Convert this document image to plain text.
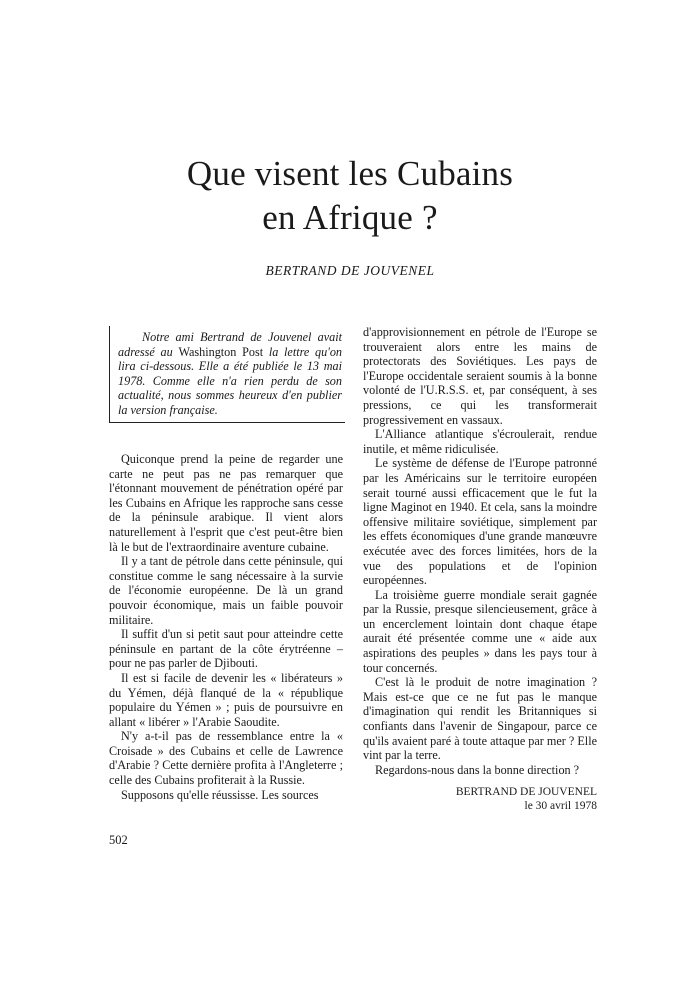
Que visent les Cubains
en Afrique ?
BERTRAND DE JOUVENEL
Notre ami Bertrand de Jouvenel avait adressé au Washington Post la lettre qu'on lira ci-dessous. Elle a été publiée le 13 mai 1978. Comme elle n'a rien perdu de son actualité, nous sommes heureux d'en publier la version française.

Quiconque prend la peine de regarder une carte ne peut pas ne pas remarquer que l'étonnant mouvement de pénétration opéré par les Cubains en Afrique les rapproche sans cesse de la péninsule arabique. Il vient alors naturellement à l'esprit que c'est peut-être bien là le but de l'extraordinaire aventure cubaine.

Il y a tant de pétrole dans cette péninsule, qui constitue comme le sang nécessaire à la survie de l'économie européenne. De là un grand pouvoir économique, mais un faible pouvoir militaire.

Il suffit d'un si petit saut pour atteindre cette péninsule en partant de la côte érytréenne – pour ne pas parler de Djibouti.

Il est si facile de devenir les « libérateurs » du Yémen, déjà flanqué de la « république populaire du Yémen » ; puis de poursuivre en allant « libérer » l'Arabie Saoudite.

N'y a-t-il pas de ressemblance entre la « Croisade » des Cubains et celle de Lawrence d'Arabie ? Cette dernière profita à l'Angleterre ; celle des Cubains profiterait à la Russie.

Supposons qu'elle réussisse. Les sources

d'approvisionnement en pétrole de l'Europe se trouveraient alors entre les mains de protectorats des Soviétiques. Les pays de l'Europe occidentale seraient soumis à la bonne volonté de l'U.R.S.S. et, par conséquent, à ses pressions, ce qui les transformerait progressivement en vassaux.

L'Alliance atlantique s'écroulerait, rendue inutile, et même ridiculisée.

Le système de défense de l'Europe patronné par les Américains sur le territoire européen serait tourné aussi efficacement que le fut la ligne Maginot en 1940. Et cela, sans la moindre offensive militaire soviétique, simplement par les effets économiques d'une grande manœuvre exécutée avec des forces limitées, hors de la vue des populations et de l'opinion européennes.

La troisième guerre mondiale serait gagnée par la Russie, presque silencieusement, grâce à un encerclement lointain dont chaque étape aurait été présentée comme une « aide aux aspirations des peuples » dans les pays tour à tour concernés.

C'est là le produit de notre imagination ? Mais est-ce que ce ne fut pas le manque d'imagination qui rendit les Britanniques si confiants dans l'avenir de Singapour, parce ce qu'ils avaient paré à toute attaque par mer ? Elle vint par la terre.

Regardons-nous dans la bonne direction ?

BERTRAND DE JOUVENEL
le 30 avril 1978
502
